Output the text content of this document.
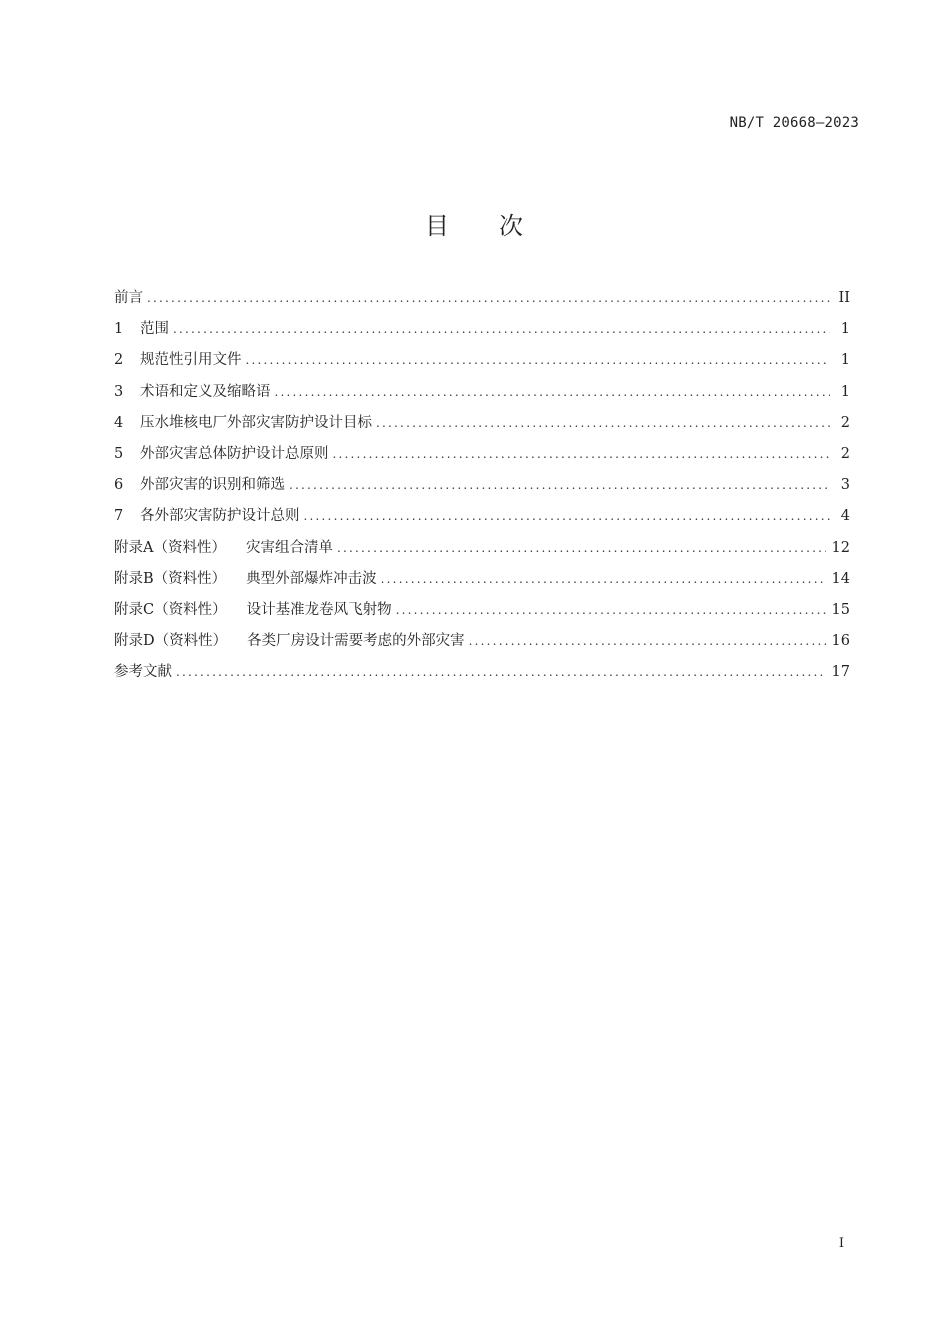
NB/T 20668—2023
目 次
前言 .....	II
1 范围 .....	1
2 规范性引用文件 .....	1
3 术语和定义及缩略语 .....	1
4 压水堆核电厂外部灾害防护设计目标 .....	2
5 外部灾害总体防护设计总原则 .....	2
6 外部灾害的识别和筛选 .....	3
7 各外部灾害防护设计总则 .....	4
附录A（资料性） 灾害组合清单 .....	12
附录B（资料性） 典型外部爆炸冲击波 .....	14
附录C（资料性） 设计基准龙卷风飞射物 .....	15
附录D（资料性） 各类厂房设计需要考虑的外部灾害 .....	16
参考文献 .....	17
I
